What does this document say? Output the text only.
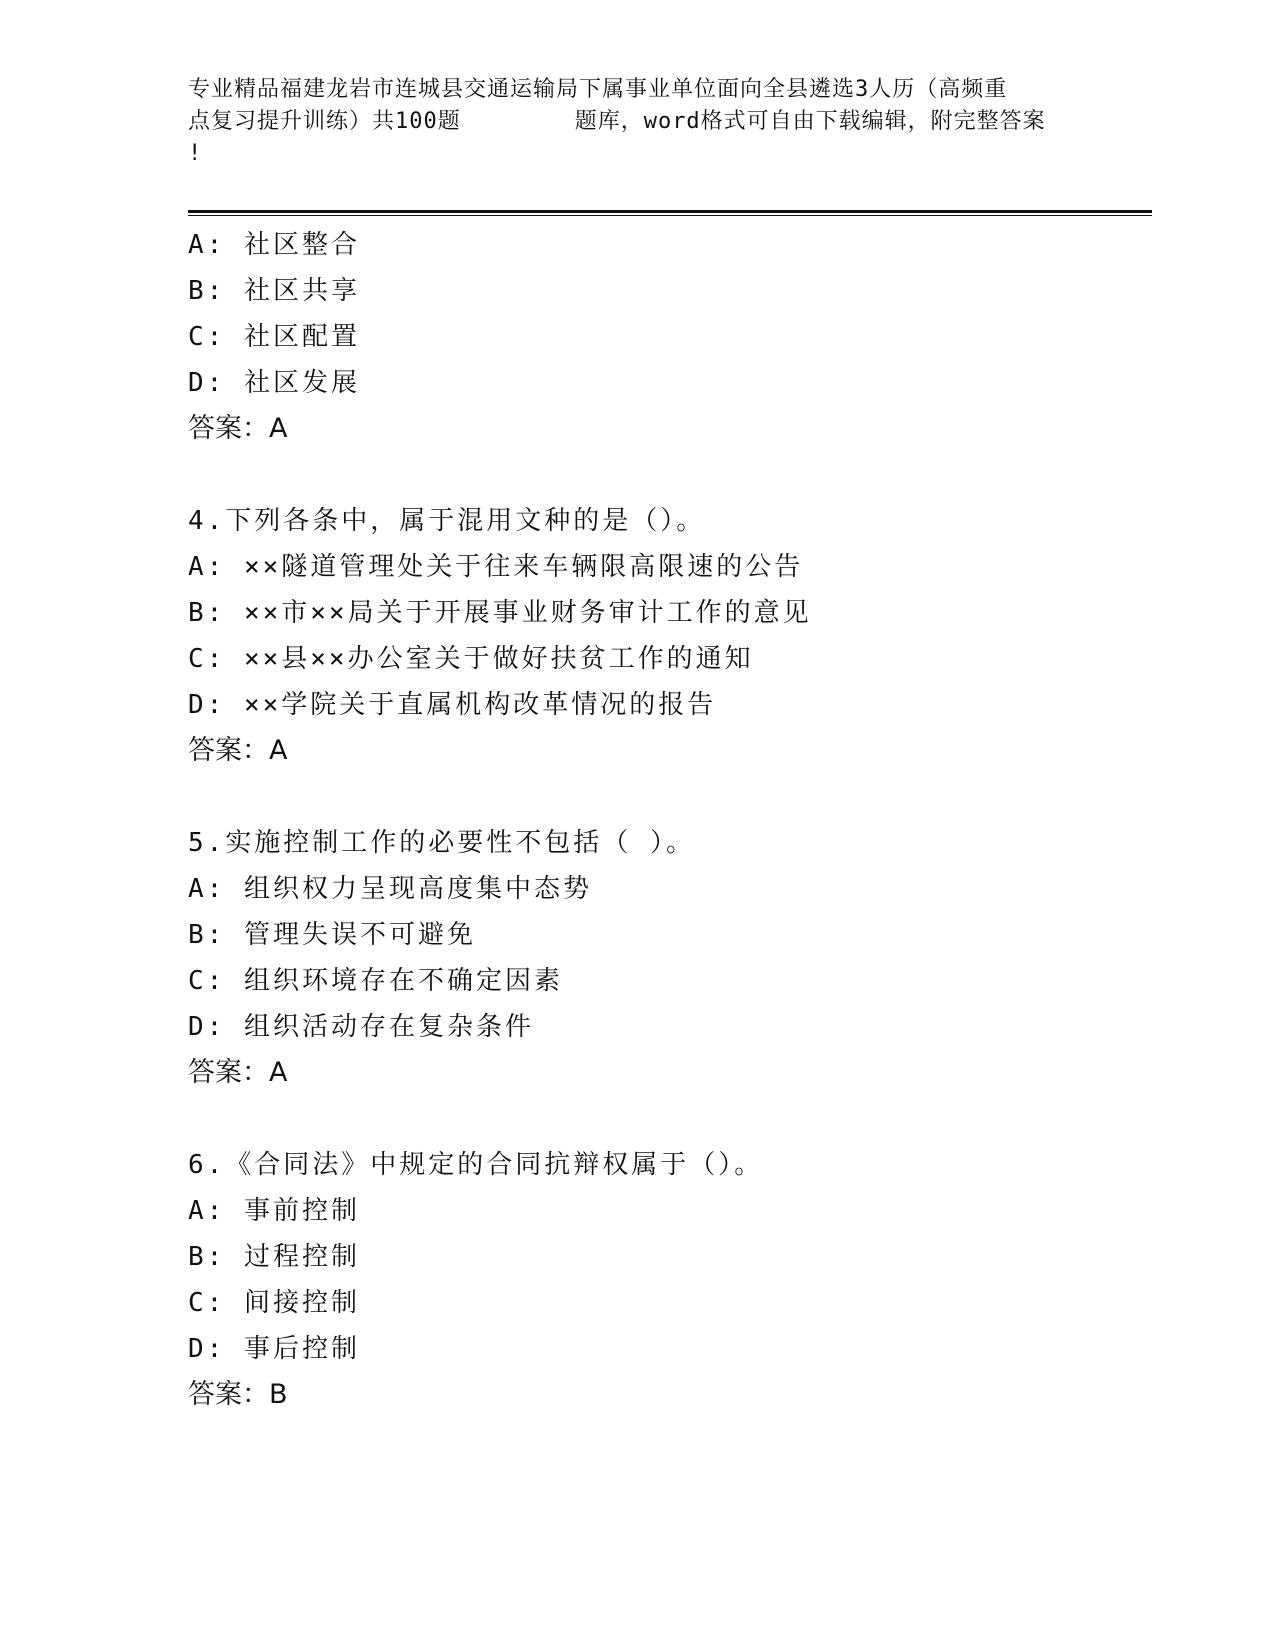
专业精品福建龙岩市连城县交通运输局下属事业单位面向全县遴选3人历（高频重
点复习提升训练）共100题        题库，word格式可自由下载编辑，附完整答案
!
A: 社区整合
B: 社区共享
C: 社区配置
D: 社区发展
答案：A
4.下列各条中，属于混用文种的是（）。
A: ××隧道管理处关于往来车辆限高限速的公告
B: ××市××局关于开展事业财务审计工作的意见
C: ××县××办公室关于做好扶贫工作的通知
D: ××学院关于直属机构改革情况的报告
答案：A
5.实施控制工作的必要性不包括（ ）。
A: 组织权力呈现高度集中态势
B: 管理失误不可避免
C: 组织环境存在不确定因素
D: 组织活动存在复杂条件
答案：A
6.《合同法》中规定的合同抗辩权属于（）。
A: 事前控制
B: 过程控制
C: 间接控制
D: 事后控制
答案：B
